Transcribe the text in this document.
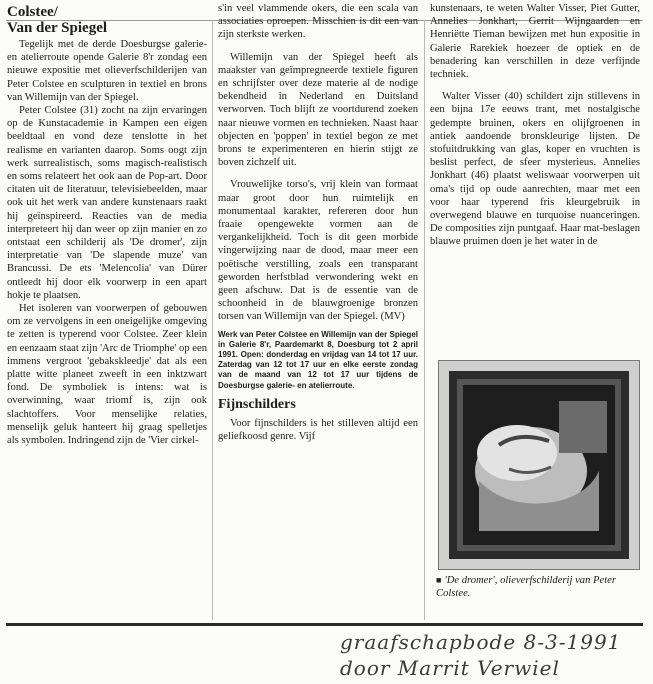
Colstee/
Van der Spiegel

Tegelijk met de derde Doesburgse galerie- en atelierroute opende Galerie 8'r zondag een nieuwe expositie met olieverfschilderijen van Peter Colstee en sculpturen in textiel en brons van Willemijn van der Spiegel.

Peter Colstee (31) zocht na zijn ervaringen op de Kunstacademie in Kampen een eigen beeldtaal en vond deze tenslotte in het realisme en varianten daarop. Soms oogt zijn werk surrealistisch, soms magisch-realistisch en soms relateert het ook aan de Pop-art. Door citaten uit de literatuur, televisiebeelden, maar ook uit het werk van andere kunstenaars raakt hij geïnspireerd. Reacties van de media interpreteert hij dan weer op zijn manier en zo ontstaat een schilderij als 'De dromer', zijn interpretatie van 'De slapende muze' van Brancussi. De ets 'Melencolia' van Dürer ontleedt hij door elk voorwerp in een apart hokje te plaatsen.

Het isoleren van voorwerpen of gebouwen om ze vervolgens in een oneigelijke omgeving te zetten is typerend voor Colstee. Zeer klein en eenzaam staat zijn 'Arc de Triomphe' op een immens vergroot 'gebakskleedje' dat als een platte witte planeet zweeft in een inktzwart fond. De symboliek is intens: wat is overwinning, waar triomf is, zijn ook slachtoffers. Voor menselijke relaties, menselijk geluk hanteert hij graag spelletjes als symbolen. Indringend zijn de 'Vier cirkel-

s'in veel vlammende okers, die een scala van associaties oproepen. Misschien is dit een van zijn sterkste werken.

Willemijn van der Spiegel heeft als maakster van geïmpregneerde textiele figuren en schrijfster over deze materie al de nodige bekendheid in Nederland en Duitsland verworven. Toch blijft ze voortdurend zoeken naar nieuwe vormen en technieken. Naast haar objecten en 'poppen' in textiel begon ze met brons te experimenteren en hierin stijgt ze boven zichzelf uit.

Vrouwelijke torso's, vrij klein van formaat maar groot door hun ruimtelijk en monumentaal karakter, refereren door hun fraaie opengewekte vormen aan de vergankelijkheid. Toch is dit geen morbide vingerwijzing naar de dood, maar meer een poëtische verstilling, zoals een transparant geworden herfstblad verwondering wekt en geen afschuw. Dat is de essentie van de schoonheid in de blauwgroenige bronzen torsen van Willemijn van der Spiegel. (MV)

Werk van Peter Colstee en Willemijn van der Spiegel in Galerie 8'r, Paardemarkt 8, Doesburg tot 2 april 1991. Open: donderdag en vrijdag van 14 tot 17 uur. Zaterdag van 12 tot 17 uur en elke eerste zondag van de maand van 12 tot 17 uur tijdens de Doesburgse galerie- en atelierroute.

Fijnschilders

Voor fijnschilders is het stilleven altijd een geliefkoosd genre. Vijf

kunstenaars, te weten Walter Visser, Piet Gutter, Annelies Jonkhart, Gerrit Wijngaarden en Henriëtte Tieman bewijzen met hun expositie in Galerie Rarekiek hoezeer de optiek en de benadering kan verschillen in deze verfijnde techniek.

Walter Visser (40) schildert zijn stillevens in een bijna 17e eeuws trant, met nostalgische gedempte bruinen, okers en olijfgroenen in antiek aandoende bronskleurige lijsten. De stofuitdrukking van glas, koper en vruchten is beslist perfect, de sfeer mysterieus. Annelies Jonkhart (46) plaatst weliswaar voorwerpen uit oma's tijd op oude aanrechten, maar met een voor haar typerend fris kleurgebruik in overwegend blauwe en turquoise nuanceringen. De composities zijn puntgaaf. Haar mat-beslagen blauwe pruimen doen je het water in de

■ 'De dromer', olieverfschilderij van Peter Colstee.
graafschapbode 8-3-1991
door Marrit Verwiel
